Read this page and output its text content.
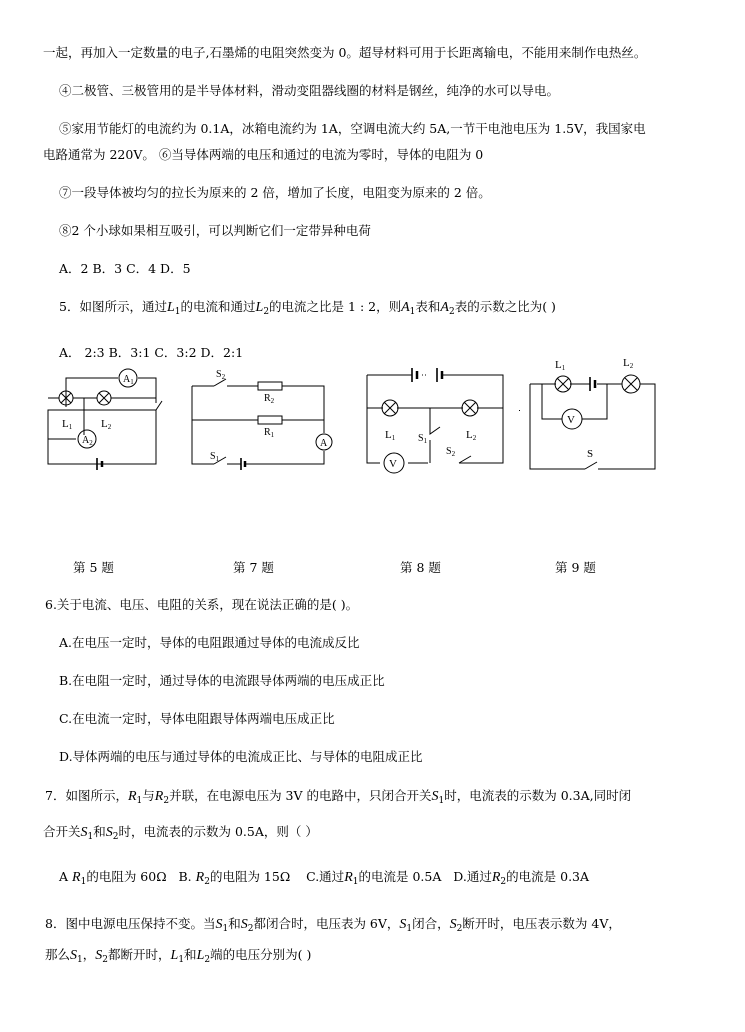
一起，再加入一定数量的电子,石墨烯的电阻突然变为 0。超导材料可用于长距离输电，不能用来制作电热丝。
④二极管、三极管用的是半导体材料，滑动变阻器线圈的材料是钢丝，纯净的水可以导电。
⑤家用节能灯的电流约为 0.1A，冰箱电流约为 1A，空调电流大约 5A,一节干电池电压为 1.5V，我国家电
电路通常为 220V。 ⑥当导体两端的电压和通过的电流为零时，导体的电阻为 0
⑦一段导体被均匀的拉长为原来的 2 倍，增加了长度，电阻变为原来的 2 倍。
⑧2 个小球如果相互吸引，可以判断它们一定带异种电荷
A．2 B．3 C．4 D．5
5．如图所示，通过$L_1$的电流和通过$L_2$的电流之比是 1 : 2，则$A_1$表和$A_2$表的示数之比为( )
A． 2:3 B．3:1 C．3:2 D．2:1
$A_1$
$A_2$
L1	L2
$S_2$
$R_2$
$R_1$
A
$S_1$
L1 $S_1$	L2
V
$S_2$
L1	L2
V
S
第 5 题	第 7 题	第 8 题	第 9 题
6.关于电流、电压、电阻的关系，现在说法正确的是( )。
A.在电压一定时，导体的电阻跟通过导体的电流成反比
B.在电阻一定时，通过导体的电流跟导体两端的电压成正比
C.在电流一定时，导体电阻跟导体两端电压成正比
D.导体两端的电压与通过导体的电流成正比、与导体的电阻成正比
7．如图所示，$R_1$与$R_2$并联，在电源电压为 3V 的电路中，只闭合开关$S_1$时，电流表的示数为 0.3A,同时闭
合开关$S_1$和$S_2$时，电流表的示数为 0.5A，则（ ）
A $R_1$的电阻为 60Ω B. $R_2$的电阻为 15Ω C.通过$R_1$的电流是 0.5A D.通过$R_2$的电流是 0.3A
8．图中电源电压保持不变。当$S_1$和$S_2$都闭合时，电压表为 6V，$S_1$闭合，$S_2$断开时，电压表示数为 4V，
那么$S_1$，$S_2$都断开时，$L_1$和$L_2$端的电压分别为( )
